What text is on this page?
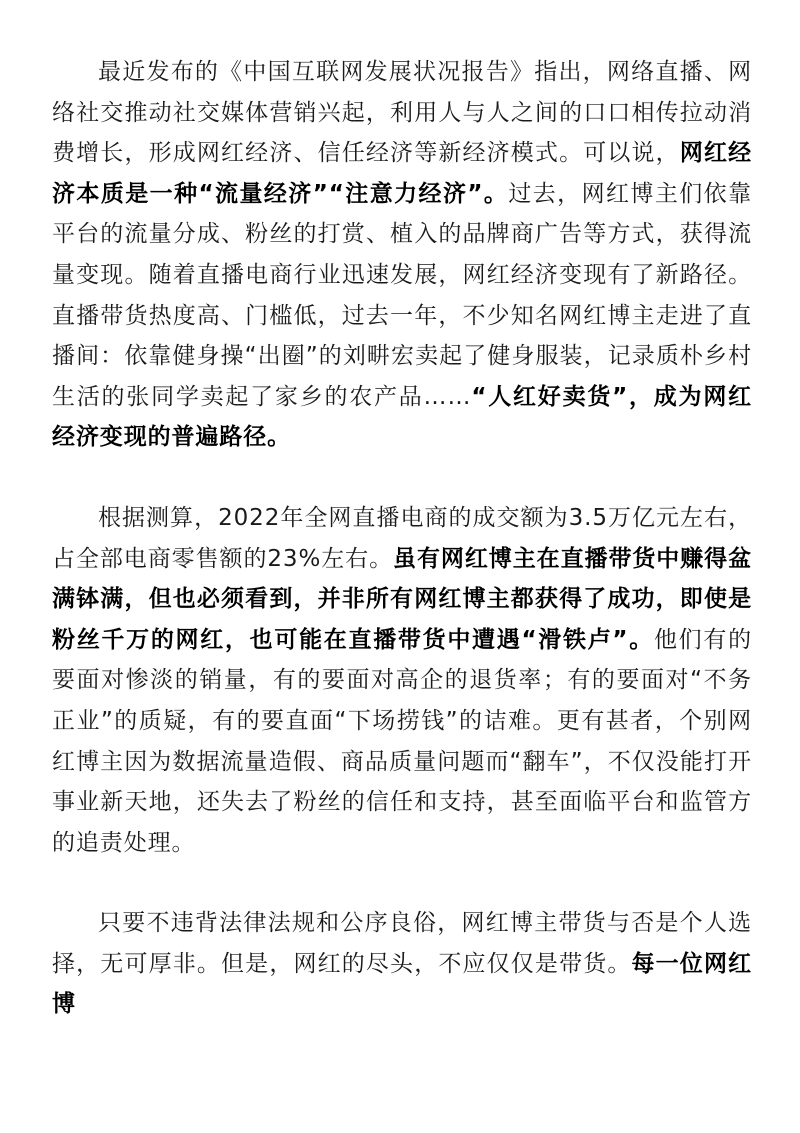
最近发布的《中国互联网发展状况报告》指出，网络直播、网络社交推动社交媒体营销兴起，利用人与人之间的口口相传拉动消费增长，形成网红经济、信任经济等新经济模式。可以说，网红经济本质是一种“流量经济”“注意力经济”。过去，网红博主们依靠平台的流量分成、粉丝的打赏、植入的品牌商广告等方式，获得流量变现。随着直播电商行业迅速发展，网红经济变现有了新路径。直播带货热度高、门槛低，过去一年，不少知名网红博主走进了直播间：依靠健身操“出圈”的刘畊宏卖起了健身服装，记录质朴乡村生活的张同学卖起了家乡的农产品……“人红好卖货”，成为网红经济变现的普遍路径。

根据测算，2022年全网直播电商的成交额为3.5万亿元左右，占全部电商零售额的23%左右。虽有网红博主在直播带货中赚得盆满钵满，但也必须看到，并非所有网红博主都获得了成功，即使是粉丝千万的网红，也可能在直播带货中遭遇“滑铁卢”。他们有的要面对惨淡的销量，有的要面对高企的退货率；有的要面对“不务正业”的质疑，有的要直面“下场捞钱”的诘难。更有甚者，个别网红博主因为数据流量造假、商品质量问题而“翻车”，不仅没能打开事业新天地，还失去了粉丝的信任和支持，甚至面临平台和监管方的追责处理。

只要不违背法律法规和公序良俗，网红博主带货与否是个人选择，无可厚非。但是，网红的尽头，不应仅仅是带货。每一位网红博
